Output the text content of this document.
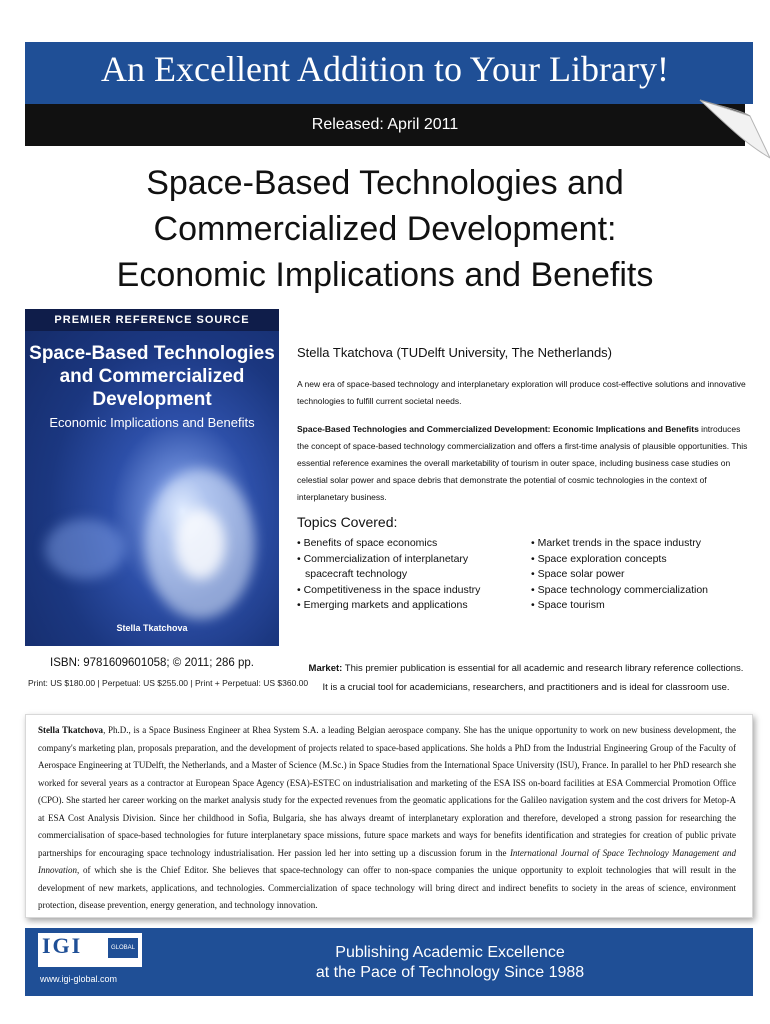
An Excellent Addition to Your Library!
Released: April 2011
Space-Based Technologies and
Commercialized Development:
Economic Implications and Benefits
PREMIER REFERENCE SOURCE
Space-Based Technologies and Commercialized Development
Economic Implications and Benefits
Stella Tkatchova
ISBN: 9781609601058; © 2011; 286 pp.
Print: US $180.00 | Perpetual: US $255.00 | Print + Perpetual: US $360.00
Stella Tkatchova (TUDelft University, The Netherlands)
A new era of space-based technology and interplanetary exploration will produce cost-effective solutions and innovative technologies to fulfill current societal needs.
Space-Based Technologies and Commercialized Development: Economic Implications and Benefits introduces the concept of space-based technology commercialization and offers a first-time analysis of plausible opportunities. This essential reference examines the overall marketability of tourism in outer space, including business case studies on celestial solar power and space debris that demonstrate the potential of cosmic technologies in the context of interplanetary business.
Topics Covered:
• Benefits of space economics
• Commercialization of interplanetary
spacecraft technology
• Competitiveness in the space industry
• Emerging markets and applications
• Market trends in the space industry
• Space exploration concepts
• Space solar power
• Space technology commercialization
• Space tourism
Market: This premier publication is essential for all academic and research library reference collections.
It is a crucial tool for academicians, researchers, and practitioners and is ideal for classroom use.
Stella Tkatchova, Ph.D., is a Space Business Engineer at Rhea System S.A. a leading Belgian aerospace company. She has the unique opportunity to work on new business development, the company's marketing plan, proposals preparation, and the development of projects related to space-based applications. She holds a PhD from the Industrial Engineering Group of the Faculty of Aerospace Engineering at TUDelft, the Netherlands, and a Master of Science (M.Sc.) in Space Studies from the International Space University (ISU), France. In parallel to her PhD research she worked for several years as a contractor at European Space Agency (ESA)-ESTEC on industrialisation and marketing of the ESA ISS on-board facilities at ESA Commercial Promotion Office (CPO). She started her career working on the market analysis study for the expected revenues from the geomatic applications for the Galileo navigation system and the cost drivers for Metop-A at ESA Cost Analysis Division. Since her childhood in Sofia, Bulgaria, she has always dreamt of interplanetary exploration and therefore, developed a strong passion for researching the commercialisation of space-based technologies for future interplanetary space missions, future space markets and ways for benefits identification and strategies for creation of public private partnerships for encouraging space technology industrialisation. Her passion led her into setting up a discussion forum in the International Journal of Space Technology Management and Innovation, of which she is the Chief Editor. She believes that space-technology can offer to non-space companies the unique opportunity to exploit technologies that will result in the development of new markets, applications, and technologies. Commercialization of space technology will bring direct and indirect benefits to society in the areas of science, environment protection, disease prevention, energy generation, and technology innovation.
IGI	GLOBAL
DISSEMINATOR of KNOWLEDGE
www.igi-global.com
Publishing Academic Excellence
at the Pace of Technology Since 1988
